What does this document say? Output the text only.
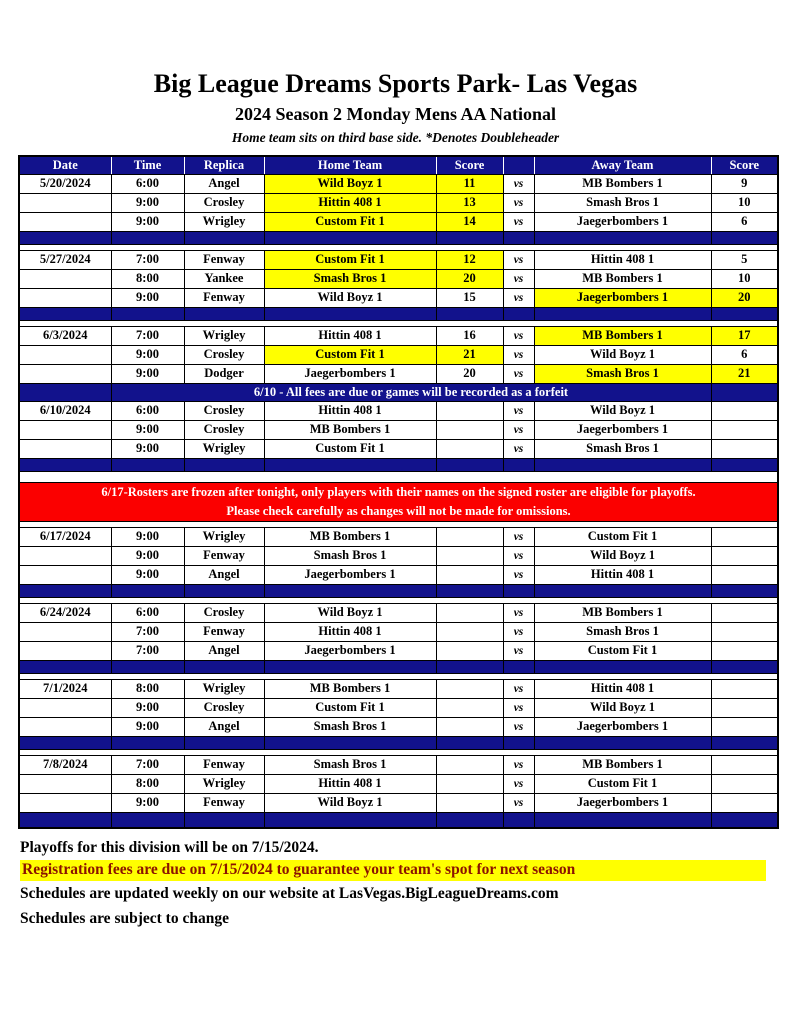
Big League Dreams Sports Park- Las Vegas
2024 Season 2 Monday Mens AA National
Home team sits on third base side. *Denotes Doubleheader
Date	Time	Replica	Home Team	Score		Away Team	Score
5/20/2024	6:00	Angel	Wild Boyz 1	11	vs	MB Bombers 1	9
	9:00	Crosley	Hittin 408 1	13	vs	Smash Bros 1	10
	9:00	Wrigley	Custom Fit 1	14	vs	Jaegerbombers 1	6

5/27/2024	7:00	Fenway	Custom Fit 1	12	vs	Hittin 408 1	5
	8:00	Yankee	Smash Bros 1	20	vs	MB Bombers 1	10
	9:00	Fenway	Wild Boyz 1	15	vs	Jaegerbombers 1	20

6/3/2024	7:00	Wrigley	Hittin 408 1	16	vs	MB Bombers 1	17
	9:00	Crosley	Custom Fit 1	21	vs	Wild Boyz 1	6
	9:00	Dodger	Jaegerbombers 1	20	vs	Smash Bros 1	21
	6/10 - All fees are due or games will be recorded as a forfeit						
6/10/2024	6:00	Crosley	Hittin 408 1		vs	Wild Boyz 1	
	9:00	Crosley	MB Bombers 1		vs	Jaegerbombers 1	
	9:00	Wrigley	Custom Fit 1		vs	Smash Bros 1	

6/17-Rosters are frozen after tonight, only players with their names on the signed roster are eligible for playoffs.
Please check carefully as changes will not be made for omissions.							

6/17/2024	9:00	Wrigley	MB Bombers 1		vs	Custom Fit 1	
	9:00	Fenway	Smash Bros 1		vs	Wild Boyz 1	
	9:00	Angel	Jaegerbombers 1		vs	Hittin 408 1	

6/24/2024	6:00	Crosley	Wild Boyz 1		vs	MB Bombers 1	
	7:00	Fenway	Hittin 408 1		vs	Smash Bros 1	
	7:00	Angel	Jaegerbombers 1		vs	Custom Fit 1	

7/1/2024	8:00	Wrigley	MB Bombers 1		vs	Hittin 408 1	
	9:00	Crosley	Custom Fit 1		vs	Wild Boyz 1	
	9:00	Angel	Smash Bros 1		vs	Jaegerbombers 1	

7/8/2024	7:00	Fenway	Smash Bros 1		vs	MB Bombers 1	
	8:00	Wrigley	Hittin 408 1		vs	Custom Fit 1	
	9:00	Fenway	Wild Boyz 1		vs	Jaegerbombers 1	

Playoffs for this division will be on 7/15/2024.
Registration fees are due on 7/15/2024 to guarantee your team's spot for next season
Schedules are updated weekly on our website at LasVegas.BigLeagueDreams.com
Schedules are subject to change
